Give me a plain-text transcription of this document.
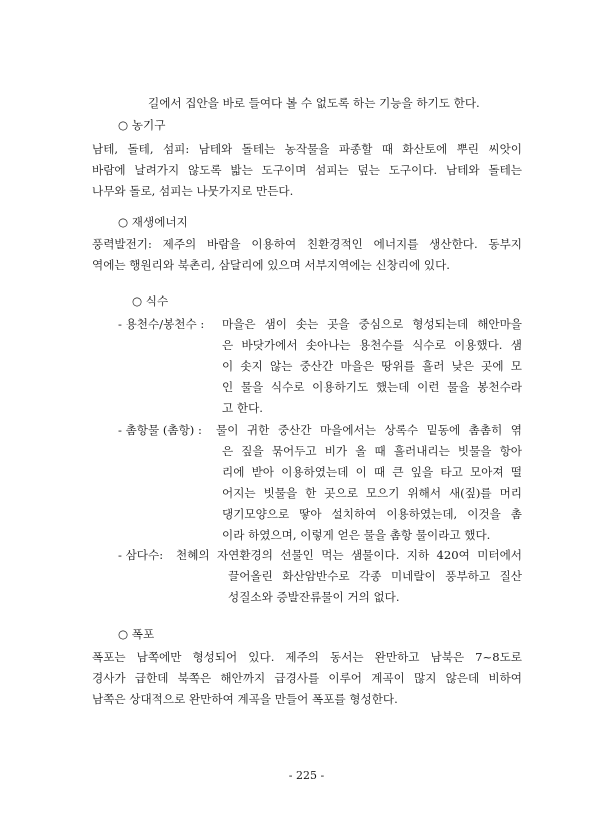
길에서 집안을 바로 들여다 볼 수 없도록 하는 기능을 하기도 한다.
○ 농기구
남테, 돌테, 섬피: 남테와 돌테는 농작물을 파종할 때 화산토에 뿌린 씨앗이
바람에 날려가지 않도록 밟는 도구이며 섬피는 덮는 도구이다. 남테와 돌테는
나무와 돌로, 섬피는 나뭇가지로 만든다.
○ 재생에너지
풍력발전기: 제주의 바람을 이용하여 친환경적인 에너지를 생산한다. 동부지
역에는 행원리와 북촌리, 삼달리에 있으며 서부지역에는 신창리에 있다.
○ 식수
- 용천수/봉천수 : 마을은 샘이 솟는 곳을 중심으로 형성되는데 해안마을
은 바닷가에서 솟아나는 용천수를 식수로 이용했다. 샘
이 솟지 않는 중산간 마을은 땅위를 흘러 낮은 곳에 모
인 물을 식수로 이용하기도 했는데 이런 물을 봉천수라
고 한다.
- 촘항물 (촘항) : 물이 귀한 중산간 마을에서는 상록수 밑동에 촘촘히 엮
은 짚을 묶어두고 비가 올 때 흘러내리는 빗물을 항아
리에 받아 이용하였는데 이 때 큰 잎을 타고 모아져 떨
어지는 빗물을 한 곳으로 모으기 위해서 새(짚)를 머리
댕기모양으로 땋아 설치하여 이용하였는데, 이것을 촘
이라 하였으며, 이렇게 얻은 물을 촘항 물이라고 했다.
- 삼다수: 천혜의 자연환경의 선물인 먹는 샘물이다. 지하 420여 미터에서
끌어올린 화산암반수로 각종 미네랄이 풍부하고 질산
성질소와 증발잔류물이 거의 없다.
○ 폭포
폭포는 남쪽에만 형성되어 있다. 제주의 동서는 완만하고 남북은 7~8도로
경사가 급한데 북쪽은 해안까지 급경사를 이루어 계곡이 많지 않은데 비하여
남쪽은 상대적으로 완만하여 계곡을 만들어 폭포를 형성한다.
- 225 -
